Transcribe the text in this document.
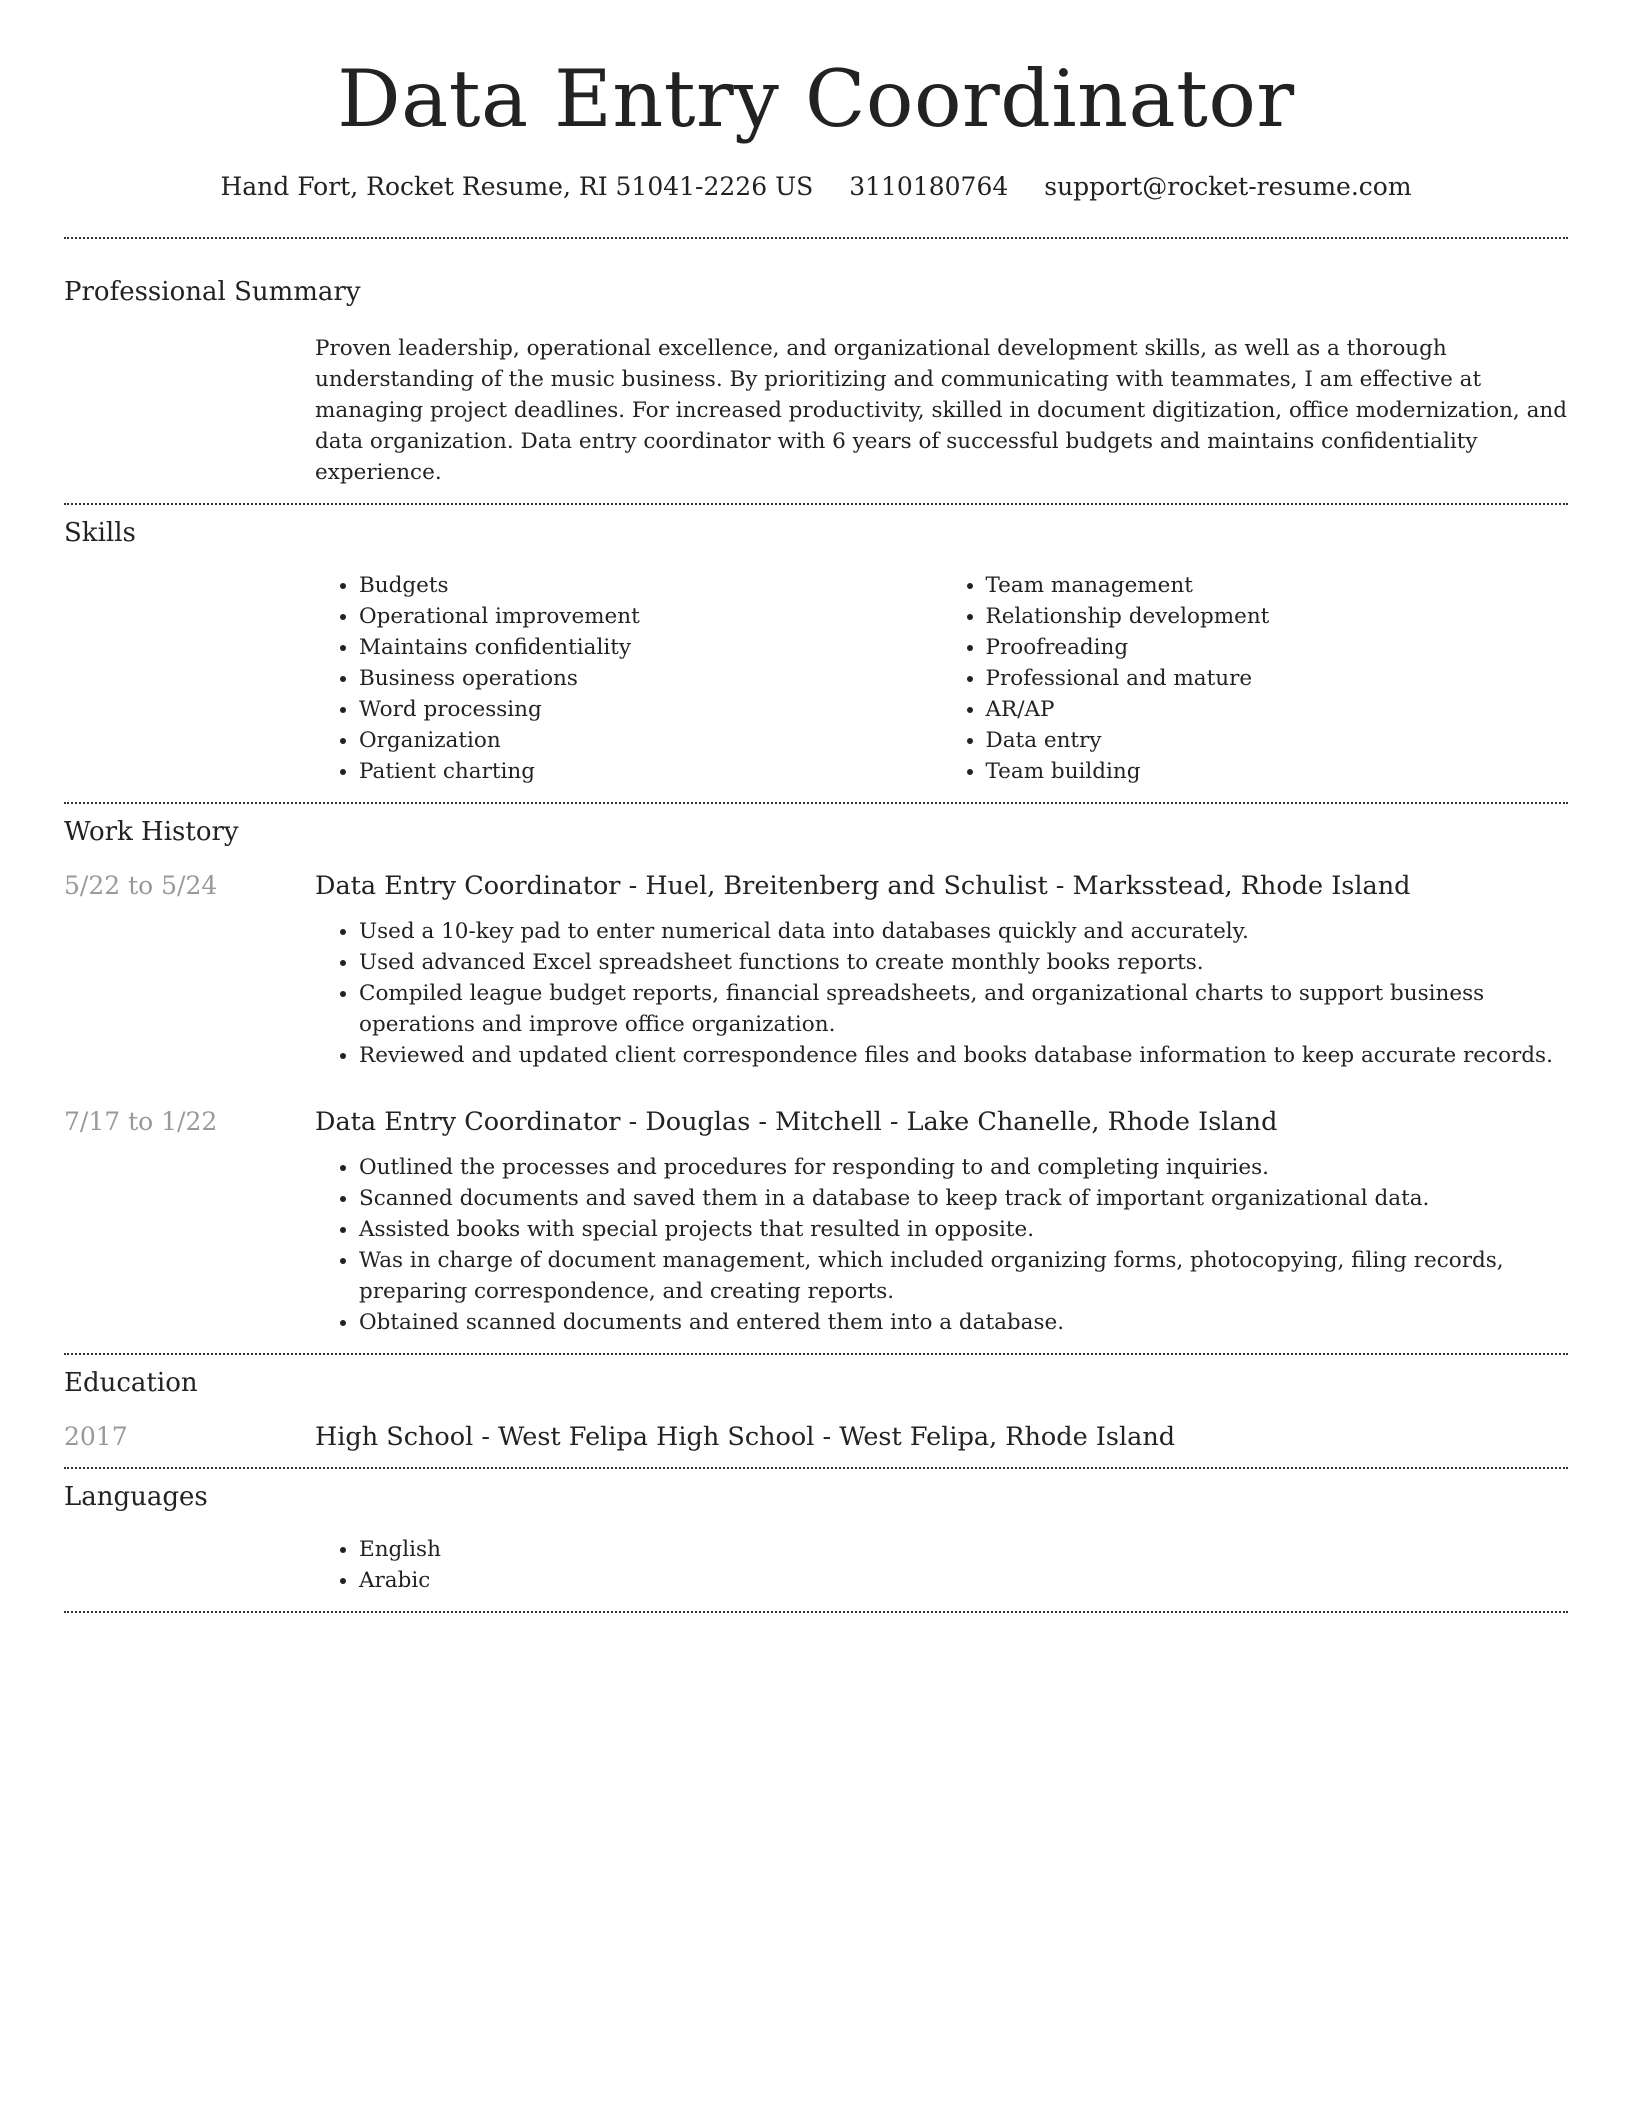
Data Entry Coordinator
Hand Fort, Rocket Resume, RI 51041-2226 US 3110180764 support@rocket-resume.com
Professional Summary

Proven leadership, operational excellence, and organizational development skills, as well as a thorough understanding of the music business. By prioritizing and communicating with teammates, I am effective at managing project deadlines. For increased productivity, skilled in document digitization, office modernization, and data organization. Data entry coordinator with 6 years of successful budgets and maintains confidentiality experience.

Skills
• Budgets
• Operational improvement
• Maintains confidentiality
• Business operations
• Word processing
• Organization
• Patient charting
• Team management
• Relationship development
• Proofreading
• Professional and mature
• AR/AP
• Data entry
• Team building
Work History
5/22 to 5/24	Data Entry Coordinator - Huel, Breitenberg and Schulist - Marksstead, Rhode Island
• Used a 10-key pad to enter numerical data into databases quickly and accurately.
• Used advanced Excel spreadsheet functions to create monthly books reports.
• Compiled league budget reports, financial spreadsheets, and organizational charts to support business operations and improve office organization.
• Reviewed and updated client correspondence files and books database information to keep accurate records.
7/17 to 1/22	Data Entry Coordinator - Douglas - Mitchell - Lake Chanelle, Rhode Island
• Outlined the processes and procedures for responding to and completing inquiries.
• Scanned documents and saved them in a database to keep track of important organizational data.
• Assisted books with special projects that resulted in opposite.
• Was in charge of document management, which included organizing forms, photocopying, filing records, preparing correspondence, and creating reports.
• Obtained scanned documents and entered them into a database.
Education
2017	High School - West Felipa High School - West Felipa, Rhode Island
Languages
• English
• Arabic
